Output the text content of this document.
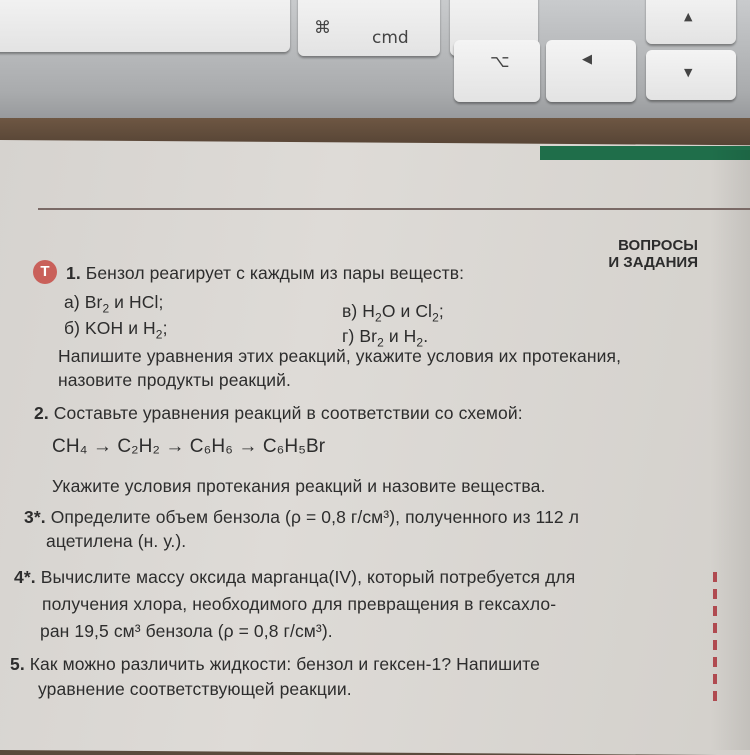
⌘ cmd
⌥	◀
▲
▼
ВОПРОСЫ
И ЗАДАНИЯ
T 1. Бензол реагирует с каждым из пары веществ:
а) $Br_2$ и HCl;	в) $H_2O$ и $Cl_2$;
б) KOH и $H_2$;	г) $Br_2$ и $H_2$.
Напишите уравнения этих реакций, укажите условия их протекания,
назовите продукты реакций.
2. Составьте уравнения реакций в соответствии со схемой:
CH₄ → C₂H₂ → C₆H₆ → C₆H₅Br
Укажите условия протекания реакций и назовите вещества.
3*. Определите объем бензола (ρ = 0,8 г/см³), полученного из 112 л
ацетилена (н. у.).
4*. Вычислите массу оксида марганца(IV), который потребуется для
получения хлора, необходимого для превращения в гексахло-
ран 19,5 см³ бензола (ρ = 0,8 г/см³).
5. Как можно различить жидкости: бензол и гексен-1? Напишите
уравнение соответствующей реакции.
